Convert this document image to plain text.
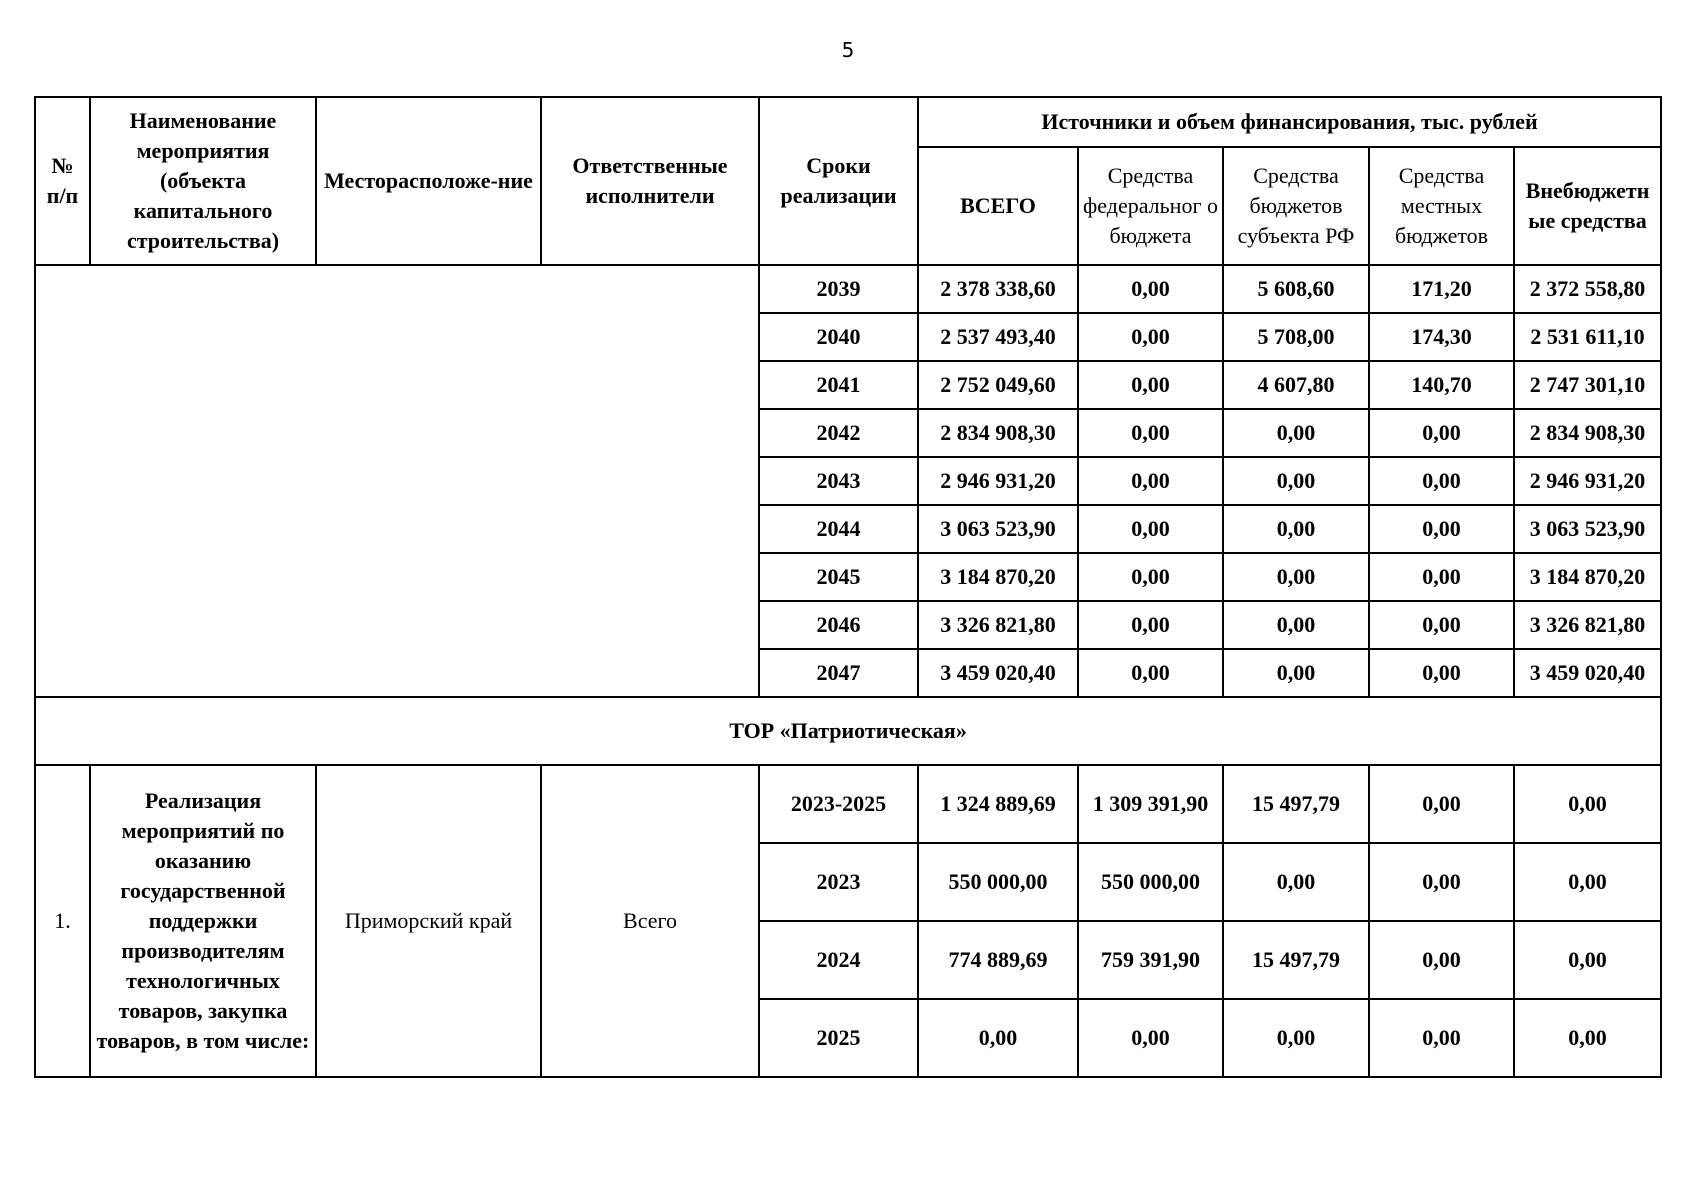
5
№ п/п	Наименование мероприятия (объекта капитального строительства)	Месторасположе-ние	Ответственные исполнители	Сроки реализации	Источники и объем финансирования, тыс. рублей				
					ВСЕГО	Средства федеральног о бюджета	Средства бюджетов субъекта РФ	Средства местных бюджетов	Внебюджетн ые средства
				2039	2 378 338,60	0,00	5 608,60	171,20	2 372 558,80
				2040	2 537 493,40	0,00	5 708,00	174,30	2 531 611,10
				2041	2 752 049,60	0,00	4 607,80	140,70	2 747 301,10
				2042	2 834 908,30	0,00	0,00	0,00	2 834 908,30
				2043	2 946 931,20	0,00	0,00	0,00	2 946 931,20
				2044	3 063 523,90	0,00	0,00	0,00	3 063 523,90
				2045	3 184 870,20	0,00	0,00	0,00	3 184 870,20
				2046	3 326 821,80	0,00	0,00	0,00	3 326 821,80
				2047	3 459 020,40	0,00	0,00	0,00	3 459 020,40
ТОР «Патриотическая»									
1.	Реализация мероприятий по оказанию государственной поддержки производителям технологичных товаров, закупка товаров, в том числе:	Приморский край	Всего	2023-2025	1 324 889,69	1 309 391,90	15 497,79	0,00	0,00
				2023	550 000,00	550 000,00	0,00	0,00	0,00
				2024	774 889,69	759 391,90	15 497,79	0,00	0,00
				2025	0,00	0,00	0,00	0,00	0,00
